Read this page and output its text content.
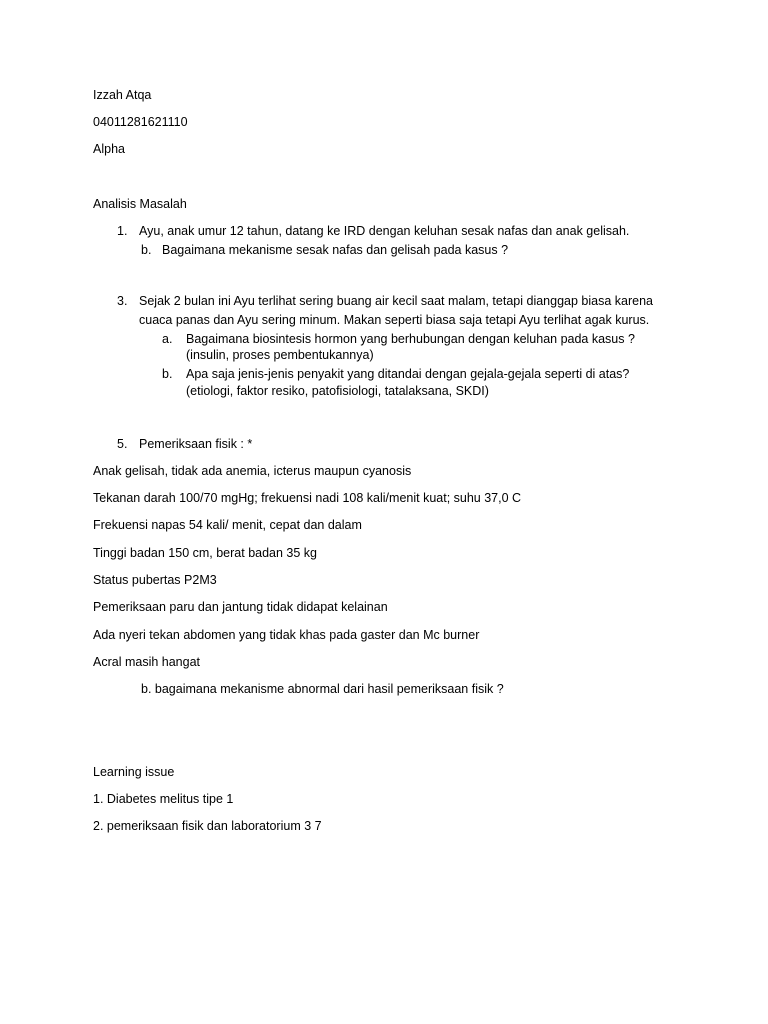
Izzah Atqa
04011281621110
Alpha
Analisis Masalah
1. Ayu, anak umur 12 tahun, datang ke IRD dengan keluhan sesak nafas dan anak gelisah.
b. Bagaimana mekanisme sesak nafas dan gelisah pada kasus ?
3. Sejak 2 bulan ini Ayu terlihat sering buang air kecil saat malam, tetapi dianggap biasa karena
cuaca panas dan Ayu sering minum. Makan seperti biasa saja tetapi Ayu terlihat agak kurus.
a. Bagaimana biosintesis hormon yang berhubungan dengan keluhan pada kasus ?
(insulin, proses pembentukannya)
b. Apa saja jenis-jenis penyakit yang ditandai dengan gejala-gejala seperti di atas?
(etiologi, faktor resiko, patofisiologi, tatalaksana, SKDI)
5. Pemeriksaan fisik : *
Anak gelisah, tidak ada anemia, icterus maupun cyanosis
Tekanan darah 100/70 mgHg; frekuensi nadi 108 kali/menit kuat; suhu 37,0 C
Frekuensi napas 54 kali/ menit, cepat dan dalam
Tinggi badan 150 cm, berat badan 35 kg
Status pubertas P2M3
Pemeriksaan paru dan jantung tidak didapat kelainan
Ada nyeri tekan abdomen yang tidak khas pada gaster dan Mc burner
Acral masih hangat
b. bagaimana mekanisme abnormal dari hasil pemeriksaan fisik ?
Learning issue
1. Diabetes melitus tipe 1
2. pemeriksaan fisik dan laboratorium 3 7
